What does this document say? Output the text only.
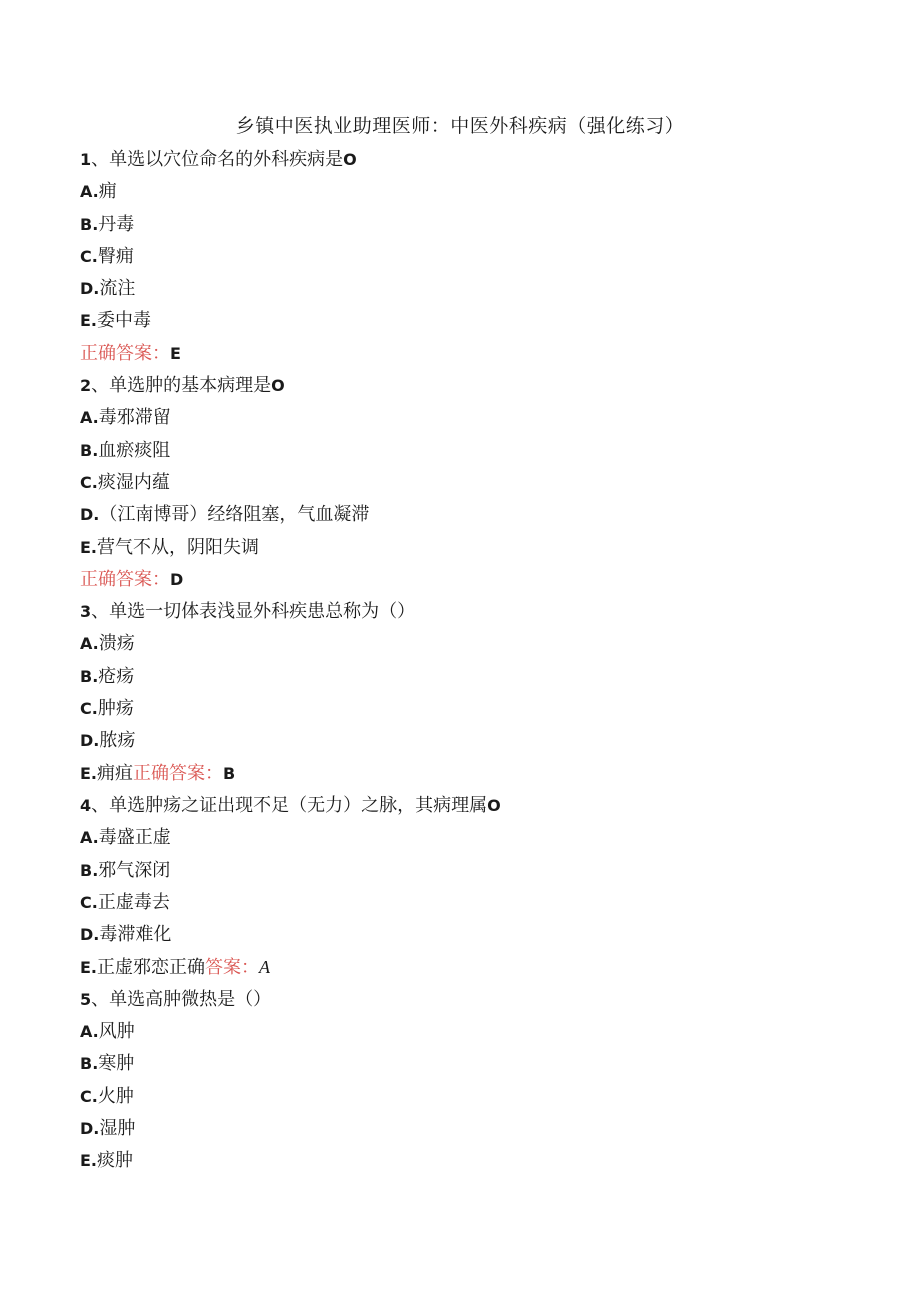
乡镇中医执业助理医师：中医外科疾病（强化练习）
1、单选以穴位命名的外科疾病是O
A.痈
B.丹毒
C.臀痈
D.流注
E.委中毒
正确答案：E
2、单选肿的基本病理是O
A.毒邪滞留
B.血瘀痰阻
C.痰湿内蕴
D.（江南博哥）经络阻塞，气血凝滞
E.营气不从，阴阳失调
正确答案：D
3、单选一切体表浅显外科疾患总称为（）
A.溃疡
B.疮疡
C.肿疡
D.脓疡
E.痈疽正确答案：B
4、单选肿疡之证出现不足（无力）之脉，其病理属O
A.毒盛正虚
B.邪气深闭
C.正虚毒去
D.毒滞难化
E.正虚邪恋正确答案：A
5、单选高肿微热是（）
A.风肿
B.寒肿
C.火肿
D.湿肿
E.痰肿
